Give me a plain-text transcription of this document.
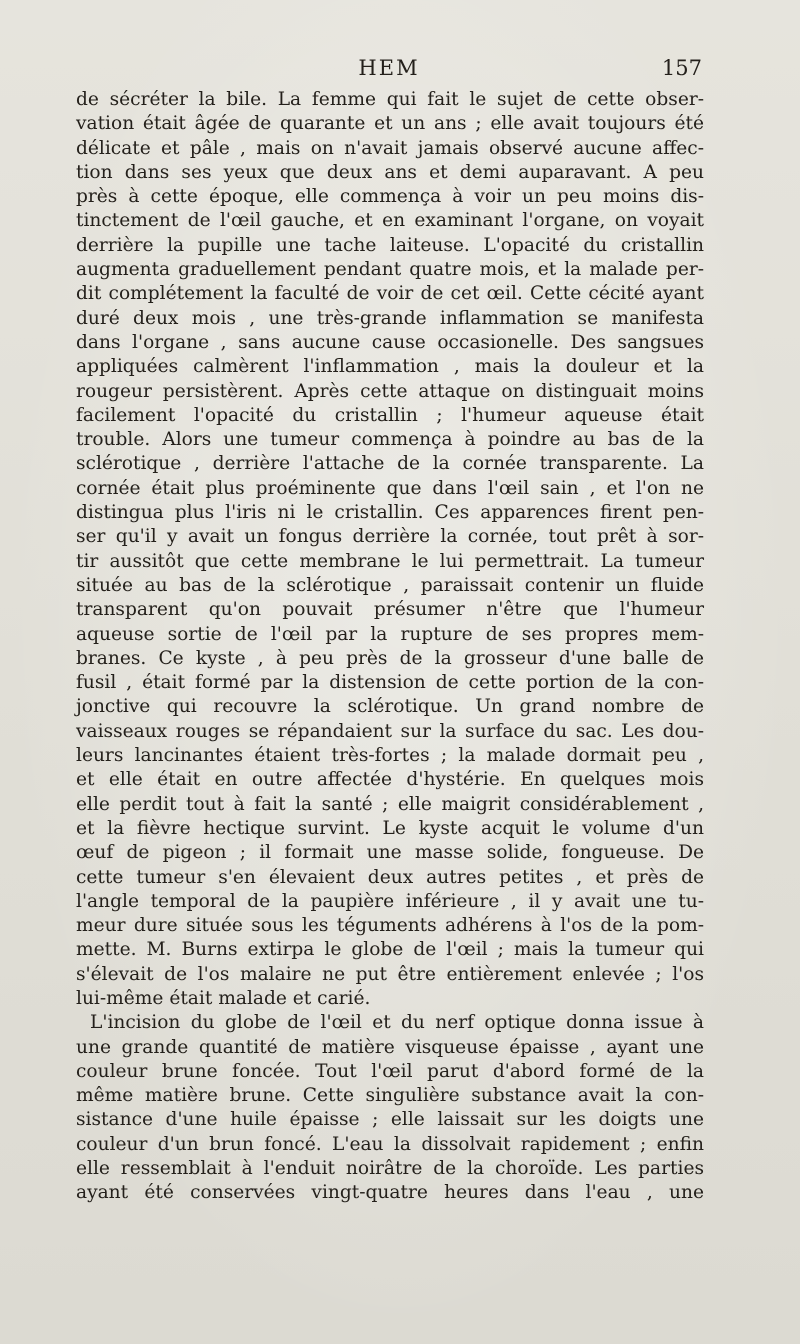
HEM	157
de sécréter la bile. La femme qui fait le sujet de cette obser-
vation était âgée de quarante et un ans ; elle avait toujours été
délicate et pâle , mais on n'avait jamais observé aucune affec-
tion dans ses yeux que deux ans et demi auparavant. A peu
près à cette époque, elle commença à voir un peu moins dis-
tinctement de l'œil gauche, et en examinant l'organe, on voyait
derrière la pupille une tache laiteuse. L'opacité du cristallin
augmenta graduellement pendant quatre mois, et la malade per-
dit complétement la faculté de voir de cet œil. Cette cécité ayant
duré deux mois , une très-grande inflammation se manifesta
dans l'organe , sans aucune cause occasionelle. Des sangsues
appliquées calmèrent l'inflammation , mais la douleur et la
rougeur persistèrent. Après cette attaque on distinguait moins
facilement l'opacité du cristallin ; l'humeur aqueuse était
trouble. Alors une tumeur commença à poindre au bas de la
sclérotique , derrière l'attache de la cornée transparente. La
cornée était plus proéminente que dans l'œil sain , et l'on ne
distingua plus l'iris ni le cristallin. Ces apparences firent pen-
ser qu'il y avait un fongus derrière la cornée, tout prêt à sor-
tir aussitôt que cette membrane le lui permettrait. La tumeur
située au bas de la sclérotique , paraissait contenir un fluide
transparent qu'on pouvait présumer n'être que l'humeur
aqueuse sortie de l'œil par la rupture de ses propres mem-
branes. Ce kyste , à peu près de la grosseur d'une balle de
fusil , était formé par la distension de cette portion de la con-
jonctive qui recouvre la sclérotique. Un grand nombre de
vaisseaux rouges se répandaient sur la surface du sac. Les dou-
leurs lancinantes étaient très-fortes ; la malade dormait peu ,
et elle était en outre affectée d'hystérie. En quelques mois
elle perdit tout à fait la santé ; elle maigrit considérablement ,
et la fièvre hectique survint. Le kyste acquit le volume d'un
œuf de pigeon ; il formait une masse solide, fongueuse. De
cette tumeur s'en élevaient deux autres petites , et près de
l'angle temporal de la paupière inférieure , il y avait une tu-
meur dure située sous les téguments adhérens à l'os de la pom-
mette. M. Burns extirpa le globe de l'œil ; mais la tumeur qui
s'élevait de l'os malaire ne put être entièrement enlevée ; l'os
lui-même était malade et carié.
L'incision du globe de l'œil et du nerf optique donna issue à
une grande quantité de matière visqueuse épaisse , ayant une
couleur brune foncée. Tout l'œil parut d'abord formé de la
même matière brune. Cette singulière substance avait la con-
sistance d'une huile épaisse ; elle laissait sur les doigts une
couleur d'un brun foncé. L'eau la dissolvait rapidement ; enfin
elle ressemblait à l'enduit noirâtre de la choroïde. Les parties
ayant été conservées vingt-quatre heures dans l'eau , une
